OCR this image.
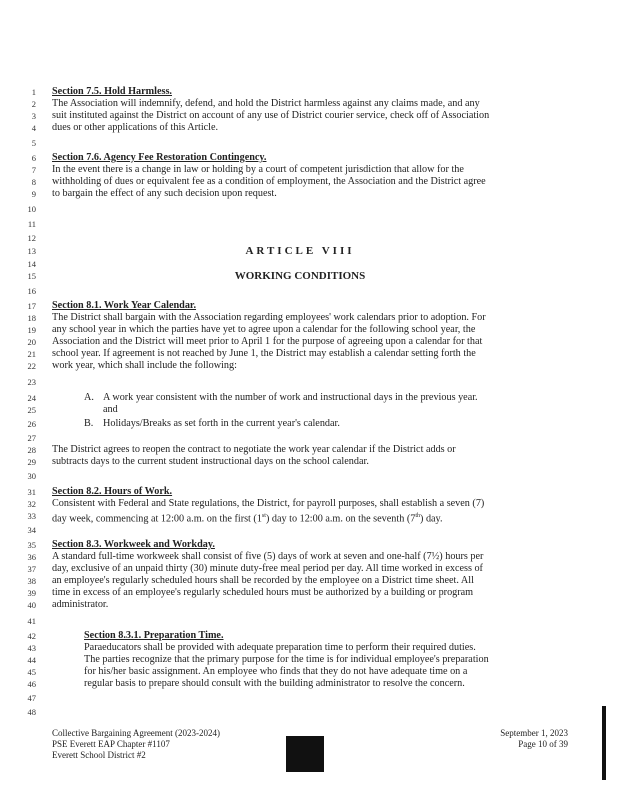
1
2
3
4
5
6
7
8
9
10
11
12
13
14
15
16
17
18
19
20
21
22
23
24
25
26
27
28
29
30
31
32
33
34
35
36
37
38
39
40
41
42
43
44
45
46
47
48
Section 7.5. Hold Harmless.
The Association will indemnify, defend, and hold the District harmless against any claims made, and any
suit instituted against the District on account of any use of District courier service, check off of Association
dues or other applications of this Article.
Section 7.6. Agency Fee Restoration Contingency.
In the event there is a change in law or holding by a court of competent jurisdiction that allow for the
withholding of dues or equivalent fee as a condition of employment, the Association and the District agree
to bargain the effect of any such decision upon request.
ARTICLE VIII
WORKING CONDITIONS
Section 8.1. Work Year Calendar.
The District shall bargain with the Association regarding employees' work calendars prior to adoption. For
any school year in which the parties have yet to agree upon a calendar for the following school year, the
Association and the District will meet prior to April 1 for the purpose of agreeing upon a calendar for that
school year. If agreement is not reached by June 1, the District may establish a calendar setting forth the
work year, which shall include the following:
A. A work year consistent with the number of work and instructional days in the previous year.
and
B. Holidays/Breaks as set forth in the current year's calendar.
The District agrees to reopen the contract to negotiate the work year calendar if the District adds or
subtracts days to the current student instructional days on the school calendar.
Section 8.2. Hours of Work.
Consistent with Federal and State regulations, the District, for payroll purposes, shall establish a seven (7)
day week, commencing at 12:00 a.m. on the first (1st) day to 12:00 a.m. on the seventh (7th) day.
Section 8.3. Workweek and Workday.
A standard full-time workweek shall consist of five (5) days of work at seven and one-half (7½) hours per
day, exclusive of an unpaid thirty (30) minute duty-free meal period per day. All time worked in excess of
an employee's regularly scheduled hours shall be recorded by the employee on a District time sheet. All
time in excess of an employee's regularly scheduled hours must be authorized by a building or program
administrator.
Section 8.3.1. Preparation Time.
Paraeducators shall be provided with adequate preparation time to perform their required duties.
The parties recognize that the primary purpose for the time is for individual employee's preparation
for his/her basic assignment. An employee who finds that they do not have adequate time on a
regular basis to prepare should consult with the building administrator to resolve the concern.
Collective Bargaining Agreement (2023-2024)
PSE Everett EAP Chapter #1107
Everett School District #2
September 1, 2023
Page 10 of 39
